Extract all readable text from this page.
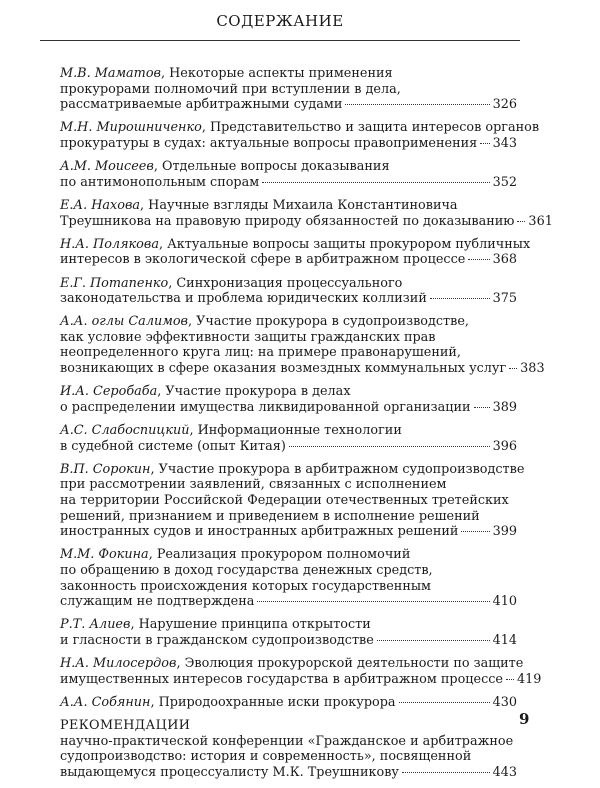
СОДЕРЖАНИЕ
М.В. Маматов, Некоторые аспекты применения
прокурорами полномочий при вступлении в дела,
рассматриваемые арбитражными судами	326
М.Н. Мирошниченко, Представительство и защита интересов органов
прокуратуры в судах: актуальные вопросы правоприменения 343
А.М. Моисеев, Отдельные вопросы доказывания
по антимонопольным спорам	352
Е.А. Нахова, Научные взгляды Михаила Константиновича
Треушникова на правовую природу обязанностей по доказыванию 361
Н.А. Полякова, Актуальные вопросы защиты прокурором публичных
интересов в экологической сфере в арбитражном процессе 368
Е.Г. Потапенко, Синхронизация процессуального
законодательства и проблема юридических коллизий	375
А.А. оглы Салимов, Участие прокурора в судопроизводстве,
как условие эффективности защиты гражданских прав
неопределенного круга лиц: на примере правонарушений,
возникающих в сфере оказания возмездных коммунальных услуг 383
И.А. Серобаба, Участие прокурора в делах
о распределении имущества ликвидированной организации 389
А.С. Слабоспицкий, Информационные технологии
в судебной системе (опыт Китая)	396
В.П. Сорокин, Участие прокурора в арбитражном судопроизводстве
при рассмотрении заявлений, связанных с исполнением
на территории Российской Федерации отечественных третейских
решений, признанием и приведением в исполнение решений
иностранных судов и иностранных арбитражных решений	399
М.М. Фокина, Реализация прокурором полномочий
по обращению в доход государства денежных средств,
законность происхождения которых государственным
служащим не подтверждена	410
Р.Т. Алиев, Нарушение принципа открытости
и гласности в гражданском судопроизводстве	414
Н.А. Милосердов, Эволюция прокурорской деятельности по защите
имущественных интересов государства в арбитражном процессе 419
А.А. Собянин, Природоохранные иски прокурора	430
РЕКОМЕНДАЦИИ
научно-практической конференции «Гражданское и арбитражное
судопроизводство: история и современность», посвященной
выдающемуся процессуалисту М.К. Треушникову	443
9
